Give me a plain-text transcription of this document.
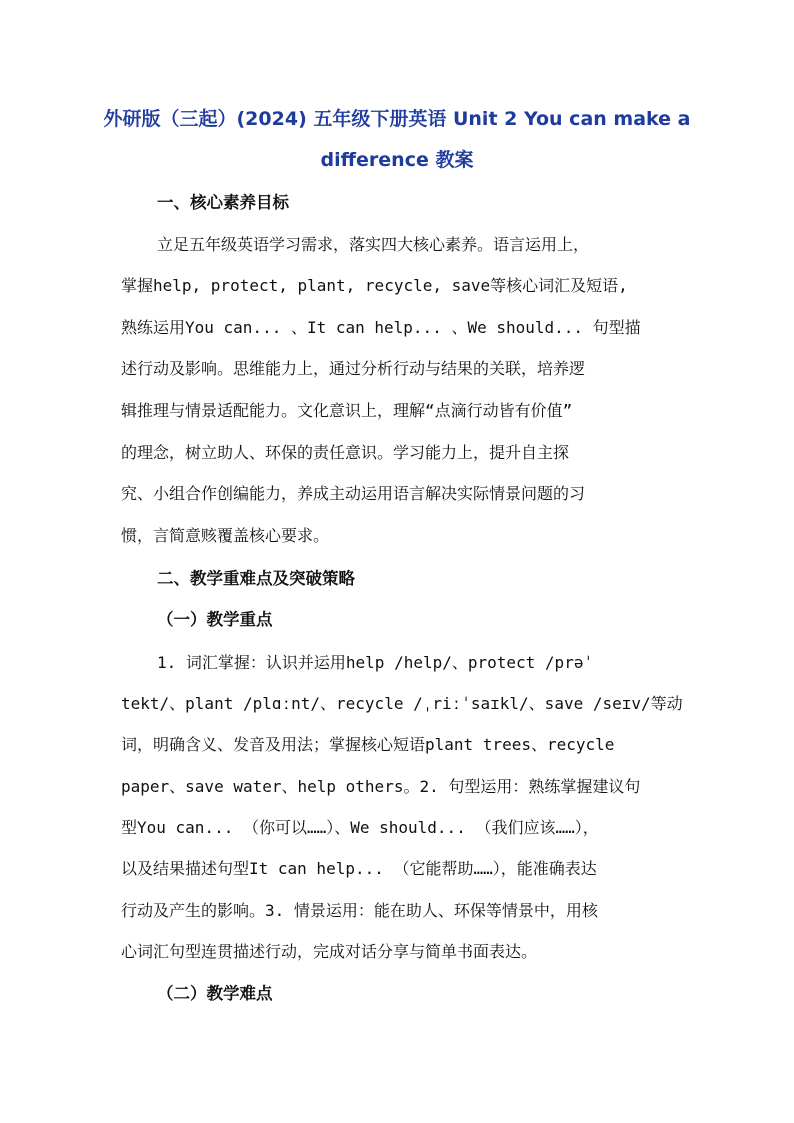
外研版（三起）(2024) 五年级下册英语 Unit 2 You can make a
difference 教案
一、核心素养目标
立足五年级英语学习需求，落实四大核心素养。语言运用上，
掌握help, protect, plant, recycle, save等核心词汇及短语,
熟练运用You can... 、It can help... 、We should... 句型描
述行动及影响。思维能力上，通过分析行动与结果的关联，培养逻
辑推理与情景适配能力。文化意识上，理解“点滴行动皆有价值”
的理念，树立助人、环保的责任意识。学习能力上，提升自主探
究、小组合作创编能力，养成主动运用语言解决实际情景问题的习
惯，言简意赅覆盖核心要求。
二、教学重难点及突破策略
（一）教学重点
1. 词汇掌握：认识并运用help /help/、protect /prəˈ
tekt/、plant /plɑːnt/、recycle /ˌriːˈsaɪkl/、save /seɪv/等动
词，明确含义、发音及用法；掌握核心短语plant trees、recycle
paper、save water、help others。2. 句型运用：熟练掌握建议句
型You can... （你可以……）、We should... （我们应该……），
以及结果描述句型It can help... （它能帮助……），能准确表达
行动及产生的影响。3. 情景运用：能在助人、环保等情景中，用核
心词汇句型连贯描述行动，完成对话分享与简单书面表达。
（二）教学难点
